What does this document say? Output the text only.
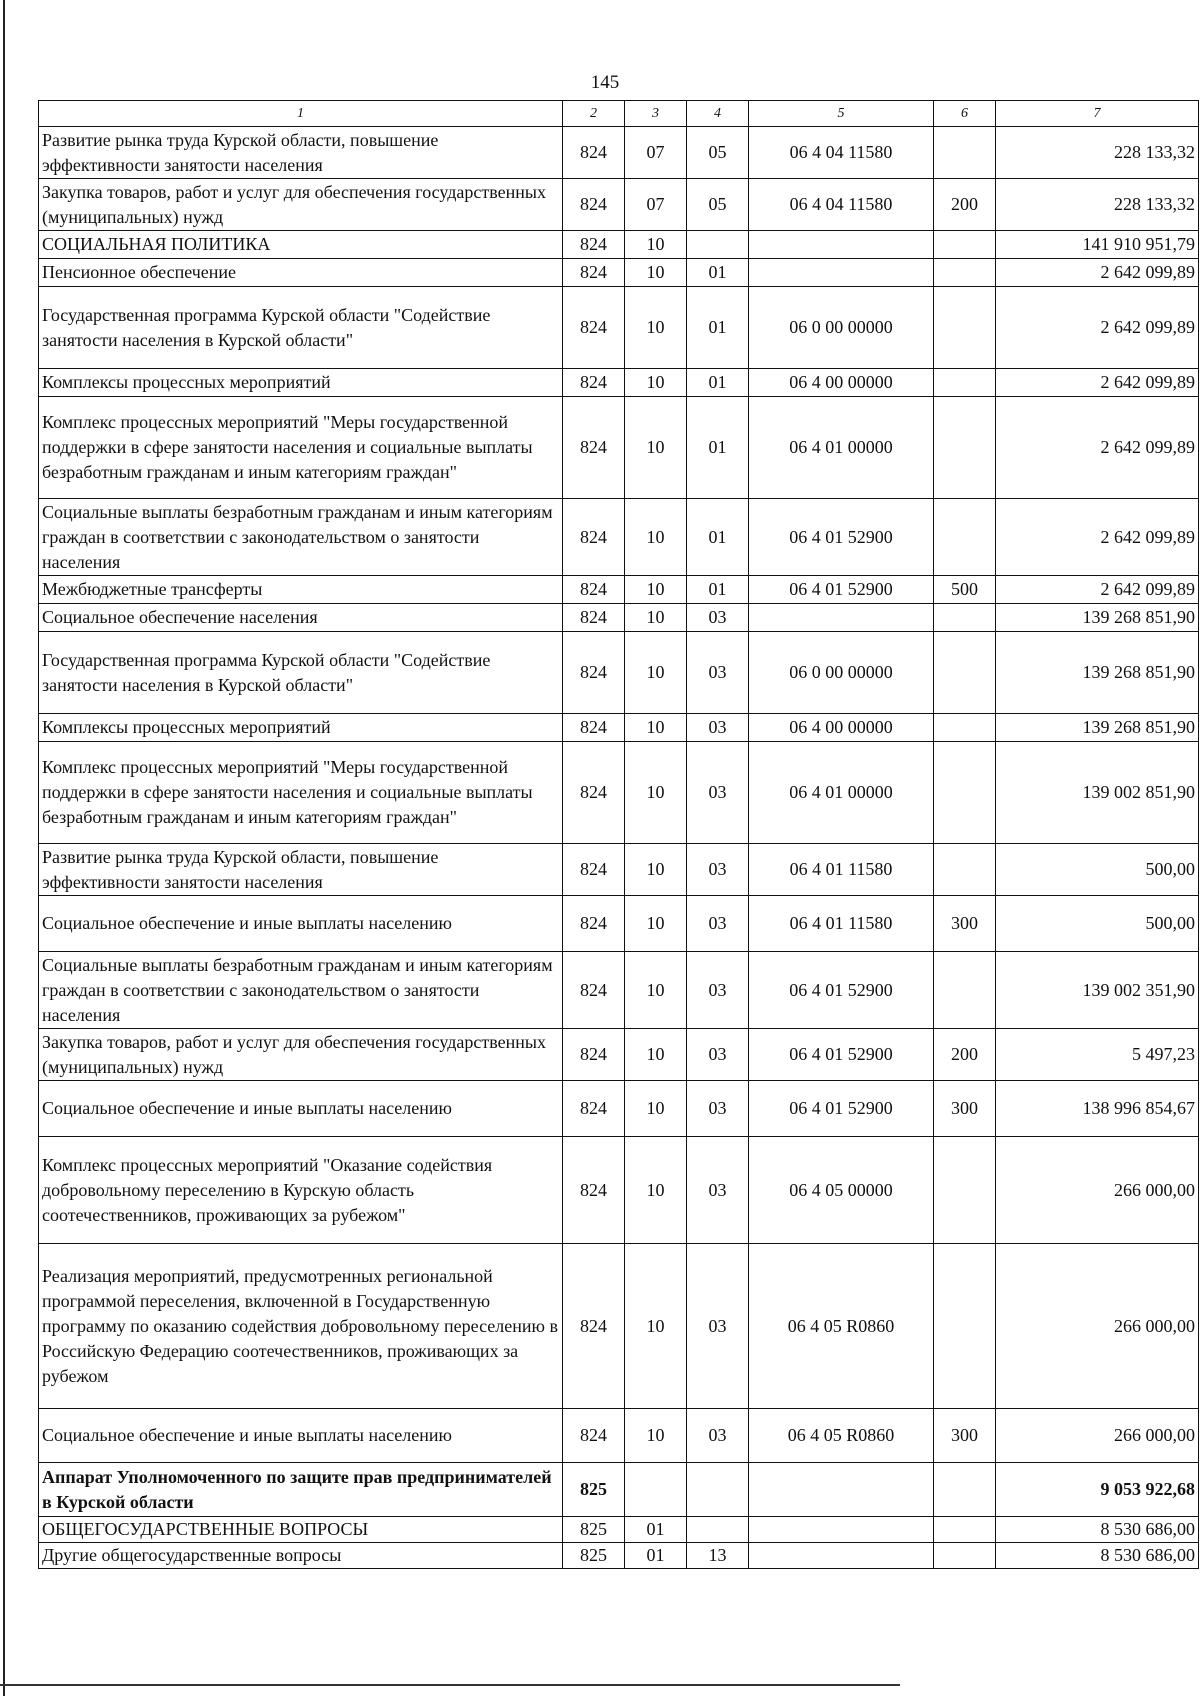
145
1	2	3	4	5	6	7
Развитие рынка труда Курской области, повышение эффективности занятости населения	824	07	05	06 4 04 11580		228 133,32
Закупка товаров, работ и услуг для обеспечения государственных (муниципальных) нужд	824	07	05	06 4 04 11580	200	228 133,32
СОЦИАЛЬНАЯ ПОЛИТИКА	824	10				141 910 951,79
Пенсионное обеспечение	824	10	01			2 642 099,89
Государственная программа Курской области "Содействие занятости населения в Курской области"	824	10	01	06 0 00 00000		2 642 099,89
Комплексы процессных мероприятий	824	10	01	06 4 00 00000		2 642 099,89
Комплекс процессных мероприятий "Меры государственной поддержки в сфере занятости населения и социальные выплаты безработным гражданам и иным категориям граждан"	824	10	01	06 4 01 00000		2 642 099,89
Социальные выплаты безработным гражданам и иным категориям граждан в соответствии с законодательством о занятости населения	824	10	01	06 4 01 52900		2 642 099,89
Межбюджетные трансферты	824	10	01	06 4 01 52900	500	2 642 099,89
Социальное обеспечение населения	824	10	03			139 268 851,90
Государственная программа Курской области "Содействие занятости населения в Курской области"	824	10	03	06 0 00 00000		139 268 851,90
Комплексы процессных мероприятий	824	10	03	06 4 00 00000		139 268 851,90
Комплекс процессных мероприятий "Меры государственной поддержки в сфере занятости населения и социальные выплаты безработным гражданам и иным категориям граждан"	824	10	03	06 4 01 00000		139 002 851,90
Развитие рынка труда Курской области, повышение эффективности занятости населения	824	10	03	06 4 01 11580		500,00
Социальное обеспечение и иные выплаты населению	824	10	03	06 4 01 11580	300	500,00
Социальные выплаты безработным гражданам и иным категориям граждан в соответствии с законодательством о занятости населения	824	10	03	06 4 01 52900		139 002 351,90
Закупка товаров, работ и услуг для обеспечения государственных (муниципальных) нужд	824	10	03	06 4 01 52900	200	5 497,23
Социальное обеспечение и иные выплаты населению	824	10	03	06 4 01 52900	300	138 996 854,67
Комплекс процессных мероприятий "Оказание содействия добровольному переселению в Курскую область соотечественников, проживающих за рубежом"	824	10	03	06 4 05 00000		266 000,00
Реализация мероприятий, предусмотренных региональной программой переселения, включенной в Государственную программу по оказанию содействия добровольному переселению в Российскую Федерацию соотечественников, проживающих за рубежом	824	10	03	06 4 05 R0860		266 000,00
Социальное обеспечение и иные выплаты населению	824	10	03	06 4 05 R0860	300	266 000,00
Аппарат Уполномоченного по защите прав предпринимателей в Курской области	825					9 053 922,68
ОБЩЕГОСУДАРСТВЕННЫЕ ВОПРОСЫ	825	01				8 530 686,00
Другие общегосударственные вопросы	825	01	13			8 530 686,00
